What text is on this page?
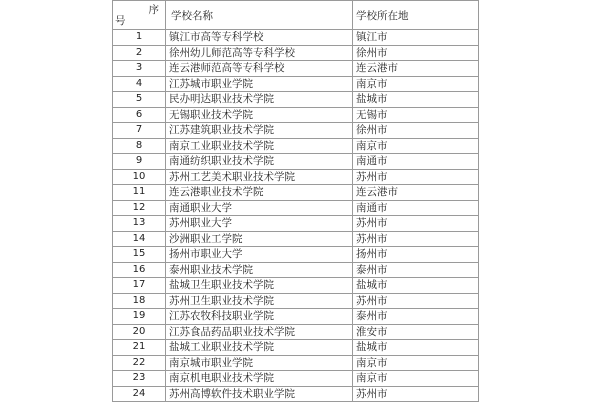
序
号	学校名称	学校所在地
1	镇江市高等专科学校	镇江市
2	徐州幼儿师范高等专科学校	徐州市
3	连云港师范高等专科学校	连云港市
4	江苏城市职业学院	南京市
5	民办明达职业技术学院	盐城市
6	无锡职业技术学院	无锡市
7	江苏建筑职业技术学院	徐州市
8	南京工业职业技术学院	南京市
9	南通纺织职业技术学院	南通市
10	苏州工艺美术职业技术学院	苏州市
11	连云港职业技术学院	连云港市
12	南通职业大学	南通市
13	苏州职业大学	苏州市
14	沙洲职业工学院	苏州市
15	扬州市职业大学	扬州市
16	泰州职业技术学院	泰州市
17	盐城卫生职业技术学院	盐城市
18	苏州卫生职业技术学院	苏州市
19	江苏农牧科技职业学院	泰州市
20	江苏食品药品职业技术学院	淮安市
21	盐城工业职业技术学院	盐城市
22	南京城市职业学院	南京市
23	南京机电职业技术学院	南京市
24	苏州高博软件技术职业学院	苏州市
